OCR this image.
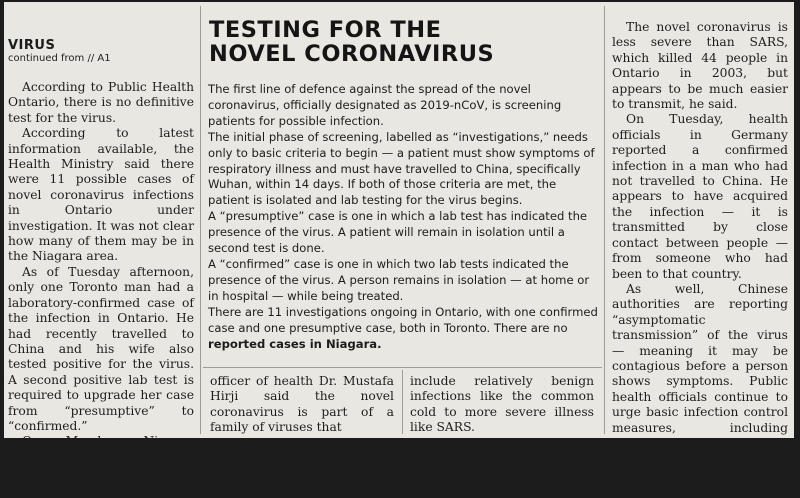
VIRUS
continued from // A1

According to Public Health Ontario, there is no definitive test for the virus.

According to latest information available, the Health Ministry said there were 11 possible cases of novel coronavirus infections in Ontario under investigation. It was not clear how many of them may be in the Niagara area.

As of Tuesday afternoon, only one Toronto man had a laboratory-confirmed case of the infection in Ontario. He had recently travelled to China and his wife also tested positive for the virus. A second positive lab test is required to upgrade her case from “presumptive” to “confirmed.”

On Monday, Niagara medical

TESTING FOR THE
NOVEL CORONAVIRUS

The first line of defence against the spread of the novel coronavirus, officially designated as 2019-nCoV, is screening patients for possible infection.

The initial phase of screening, labelled as “investigations,” needs only to basic criteria to begin — a patient must show symptoms of respiratory illness and must have travelled to China, specifically Wuhan, within 14 days. If both of those criteria are met, the patient is isolated and lab testing for the virus begins.

A “presumptive” case is one in which a lab test has indicated the presence of the virus. A patient will remain in isolation until a second test is done.

A “confirmed” case is one in which two lab tests indicated the presence of the virus. A person remains in isolation — at home or in hospital — while being treated.

There are 11 investigations ongoing in Ontario, with one confirmed case and one presumptive case, both in Toronto. There are no reported cases in Niagara.

officer of health Dr. Mustafa Hirji said the novel coronavirus is part of a family of viruses that

include relatively benign infections like the common cold to more severe illness like SARS.

The novel coronavirus is less severe than SARS, which killed 44 people in Ontario in 2003, but appears to be much easier to transmit, he said.

On Tuesday, health officials in Germany reported a confirmed infection in a man who had not travelled to China. He appears to have acquired the infection — it is transmitted by close contact between people — from someone who had been to that country.

As well, Chinese authorities are reporting “asymptomatic transmission” of the virus — meaning it may be contagious before a person shows symptoms. Public health officials continue to urge basic infection control measures, including washing of hands, coughing into your sleeve and staying home when sick, as ways to limit spread of the virus.
